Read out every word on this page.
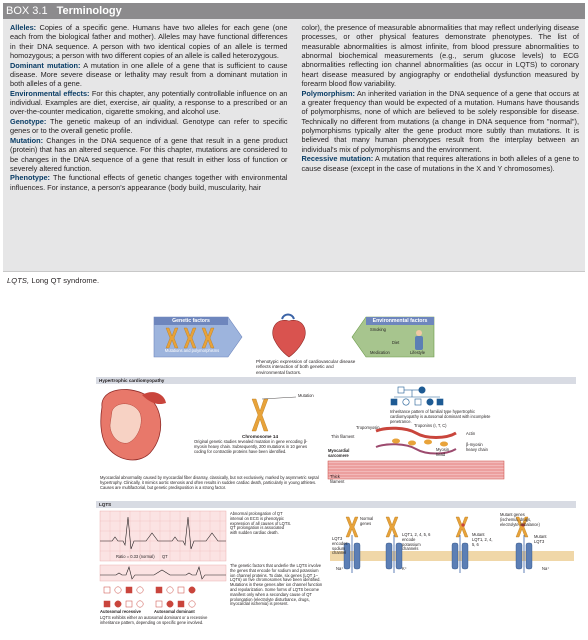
BOX 3.1 Terminology

Alleles: Copies of a specific gene. Humans have two alleles for each gene (one each from the biological father and mother). Alleles may have functional differences in their DNA sequence. A person with two identical copies of an allele is termed homozygous; a person with two different copies of an allele is called heterozygous.

Dominant mutation: A mutation in one allele of a gene that is sufficient to cause disease. More severe disease or lethality may result from a dominant mutation in both alleles of a gene.

Environmental effects: For this chapter, any potentially controllable influence on an individual. Examples are diet, exercise, air quality, a response to a prescribed or an over-the-counter medication, cigarette smoking, and alcohol use.

Genotype: The genetic makeup of an individual. Genotype can refer to specific genes or to the overall genetic profile.

Mutation: Changes in the DNA sequence of a gene that result in a gene product (protein) that has an altered sequence. For this chapter, mutations are considered to be changes in the DNA sequence of a gene that result in either loss of function or severely altered function.

Phenotype: The functional effects of genetic changes together with environmental influences. For instance, a person's appearance (body build, muscularity, hair

color), the presence of measurable abnormalities that may reflect underlying disease processes, or other physical features demonstrate phenotypes. The list of measurable abnormalities is almost infinite, from blood pressure abnormalities to abnormal biochemical measurements (e.g., serum glucose levels) to ECG abnormalities reflecting ion channel abnormalities (as occur in LQTS) to coronary heart disease measured by angiography or endothelial dysfunction measured by forearm blood flow variability.

Polymorphism: An inherited variation in the DNA sequence of a gene that occurs at a greater frequency than would be expected of a mutation. Humans have thousands of polymorphisms, none of which are believed to be solely responsible for disease. Technically no different from mutations (a change in DNA sequence from "normal"), polymorphisms typically alter the gene product more subtly than mutations. It is believed that many human phenotypes result from the interplay between an individual's mix of polymorphisms and the environment.

Recessive mutation: A mutation that requires alterations in both alleles of a gene to cause disease (except in the case of mutations in the X and Y chromosomes).

LQTS, Long QT syndrome.
Genetic factors
Mutations and polymorphisms
Environmental factors
Smoking
Diet
Medication	Lifestyle
Phenotypic expression of cardiovascular disease reflects interaction of both genetic and environmental factors.
Hypertrophic cardiomyopathy
Mutation
Chromosome 14
Original genetic studies revealed mutation in gene encoding β-myosin heavy chain. Subsequently, 200 mutations in 10 genes coding for contractile proteins have been identified.
Inheritance pattern of familial type hypertrophic cardiomyopathy is autosomal dominant with incomplete penetrance.
Tropomyosin	Troponins (I, T, C)
Actin
Thin filament
Myocardial sarcomere
Myosin head
β-myosin heavy chain
Thick filament
Myocardial abnormality caused by myocardial fiber disarray, classically, but not exclusively, marked by asymmetric septal hypertrophy. Clinically, it mimics aortic stenosis and often results in sudden cardiac death, particularly in young athletes. Causes are multifactorial, but genetic predisposition is a strong factor.
LQTS
QT
Ratio = 0.33 (normal)
Abnormal prolongation of QT interval on ECG is phenotypic expression of all causes of LQTS. QT prolongation is associated with sudden cardiac death.
The genetic factors that underlie the LQTS involve the genes that encode for sodium and potassium ion channel proteins. To date, six genes (LQT 1–LQT6) on five chromosomes have been identified. Mutations in these genes alter ion channel function and repolarization. Some forms of LQTS become manifest only when a secondary cause of QT prolongation (electrolyte disturbance, drugs, myocardial ischemia) is present.
Autosomal recessive	Autosomal dominant
LQTS exhibits either an autosomal dominant or a recessive inheritance pattern, depending on specific gene involved.
Normal genes
LQT3 encodes sodium channel
LQT1, 2, 4, 5, 6 encode potassium channels
Mutant LQT1, 2, 4, 5, 6
Mutant LQT3
Mutant genes (ischemia, drugs, electrolyte imbalance)
Na⁺	K⁺	Na⁺
